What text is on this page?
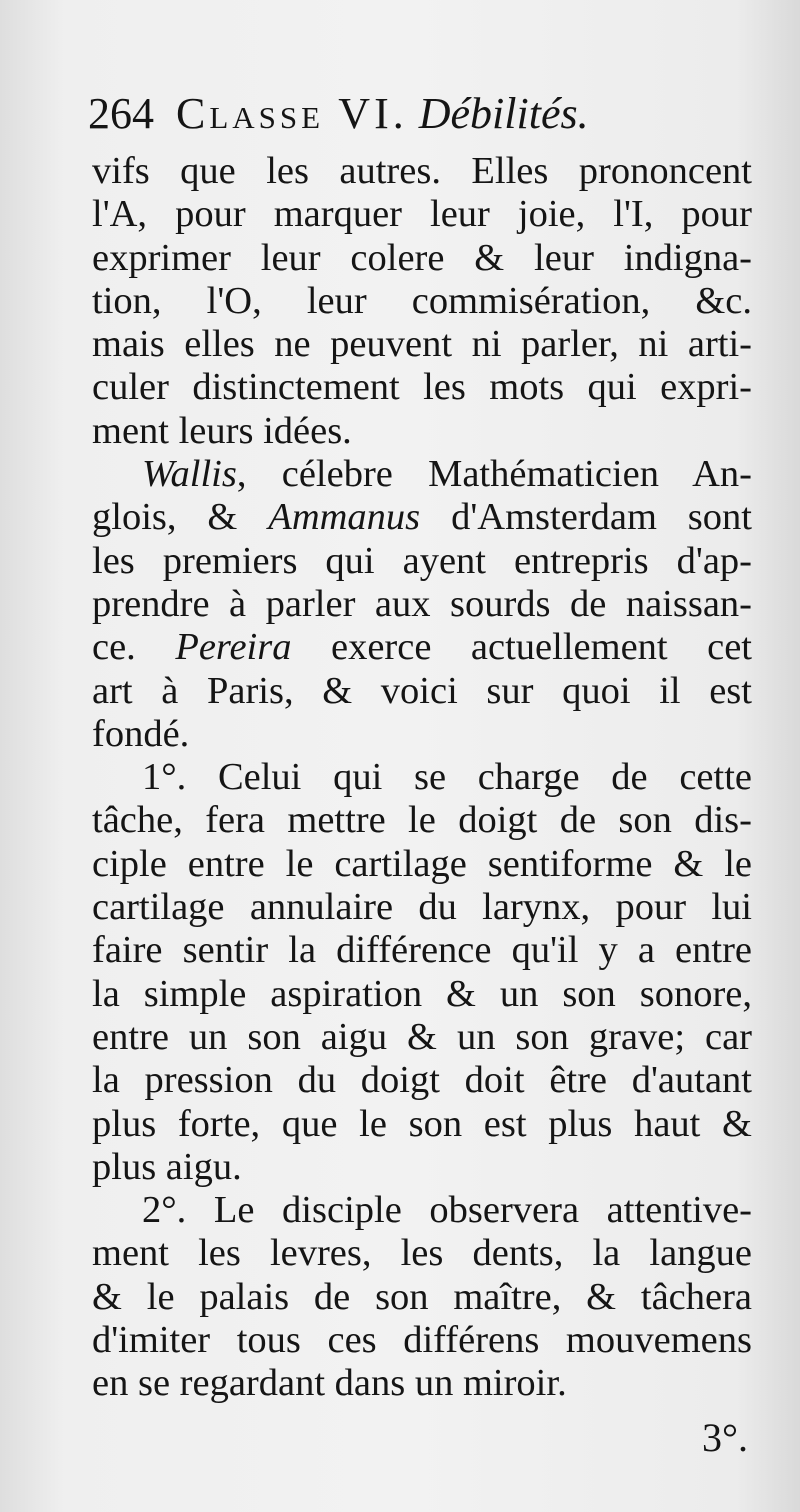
264 Classe VI. Débilités.
vifs que les autres. Elles prononcent
l'A, pour marquer leur joie, l'I, pour
exprimer leur colere & leur indigna-
tion, l'O, leur commisération, &c.
mais elles ne peuvent ni parler, ni arti-
culer distinctement les mots qui expri-
ment leurs idées.
Wallis, célebre Mathématicien An-
glois, & Ammanus d'Amsterdam sont
les premiers qui ayent entrepris d'ap-
prendre à parler aux sourds de naissan-
ce. Pereira exerce actuellement cet
art à Paris, & voici sur quoi il est
fondé.
1°. Celui qui se charge de cette
tâche, fera mettre le doigt de son dis-
ciple entre le cartilage sentiforme & le
cartilage annulaire du larynx, pour lui
faire sentir la différence qu'il y a entre
la simple aspiration & un son sonore,
entre un son aigu & un son grave; car
la pression du doigt doit être d'autant
plus forte, que le son est plus haut &
plus aigu.
2°. Le disciple observera attentive-
ment les levres, les dents, la langue
& le palais de son maître, & tâchera
d'imiter tous ces différens mouvemens
en se regardant dans un miroir.
3°.
